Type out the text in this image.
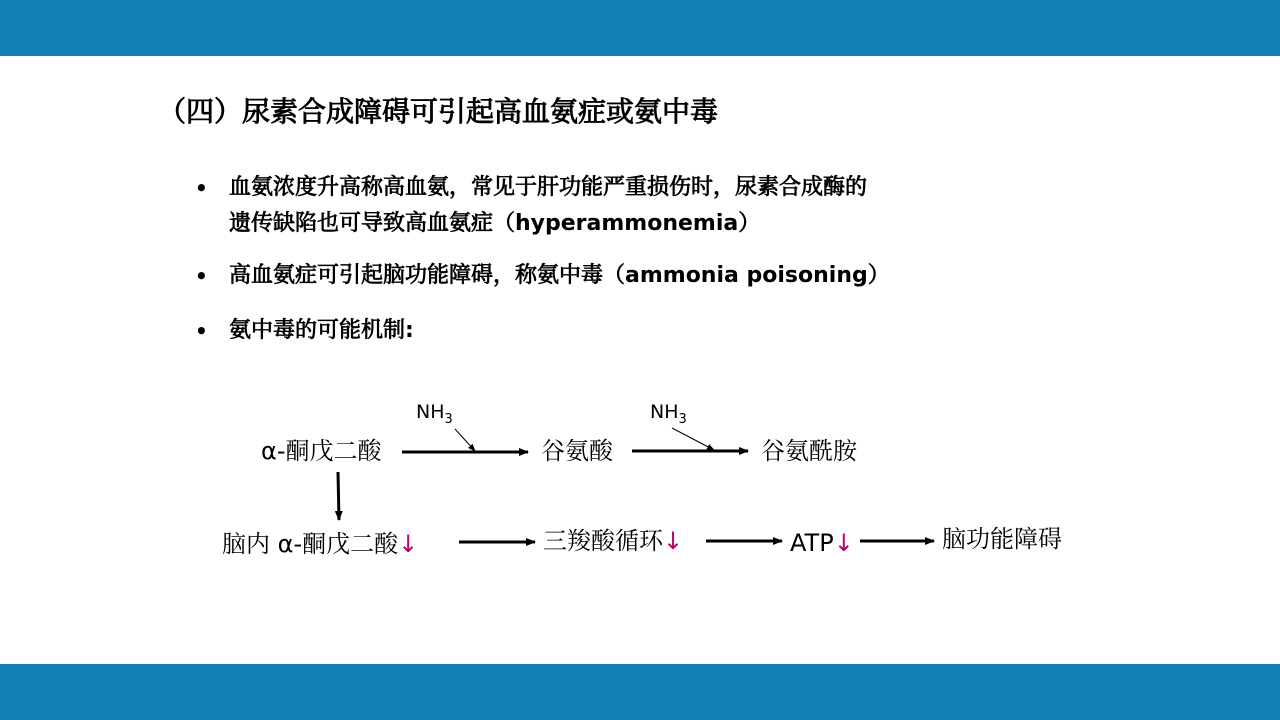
（四）尿素合成障碍可引起高血氨症或氨中毒
• 血氨浓度升高称高血氨，常见于肝功能严重损伤时，尿素合成酶的
遗传缺陷也可导致高血氨症（hyperammonemia）
• 高血氨症可引起脑功能障碍，称氨中毒（ammonia poisoning）
• 氨中毒的可能机制:
$NH_3$	$NH_3$
α-酮戊二酸	谷氨酸	谷氨酰胺
脑内 α-酮戊二酸↓	三羧酸循环↓	ATP↓	脑功能障碍
